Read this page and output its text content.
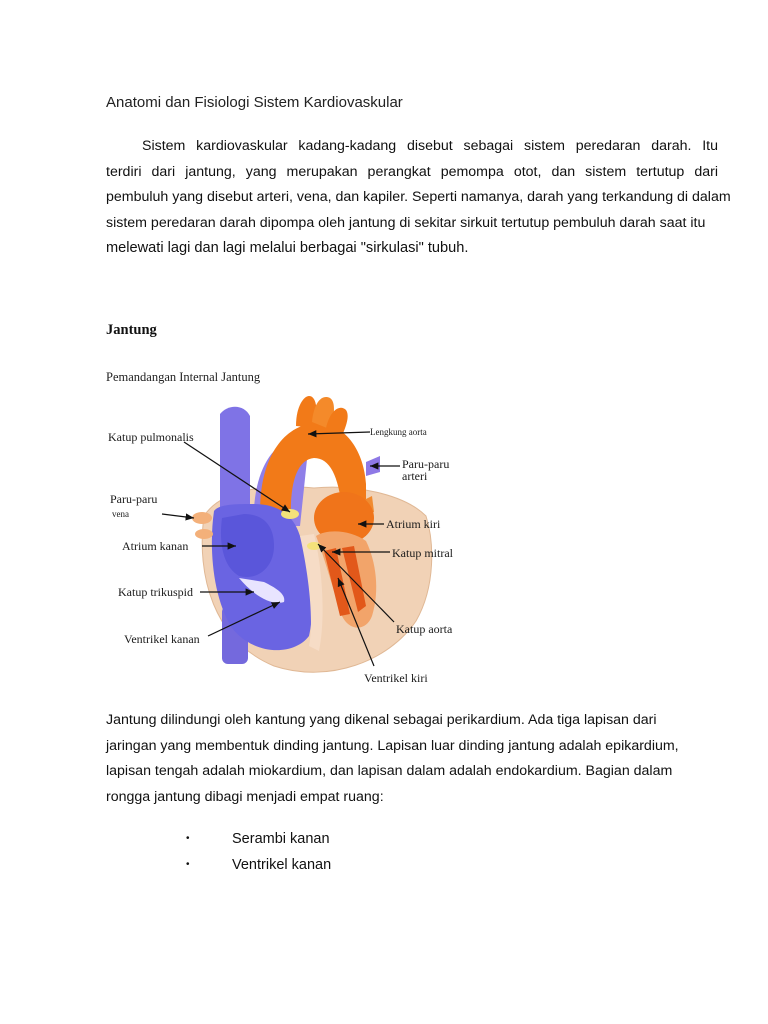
Anatomi dan Fisiologi Sistem Kardiovaskular
Sistem kardiovaskular kadang-kadang disebut sebagai sistem peredaran darah. Itu
terdiri dari jantung, yang merupakan perangkat pemompa otot, dan sistem tertutup dari
pembuluh yang disebut arteri, vena, dan kapiler. Seperti namanya, darah yang terkandung di dalam
sistem peredaran darah dipompa oleh jantung di sekitar sirkuit tertutup pembuluh darah saat itu
melewati lagi dan lagi melalui berbagai "sirkulasi" tubuh.
Jantung
Pemandangan Internal Jantung
Lengkung aorta
Katup pulmonalis
Paru-paru
arteri
Paru-paru
vena
Atrium kiri
Atrium kanan	Katup mitral
Katup trikuspid
Katup aorta
Ventrikel kanan
Ventrikel kiri
Jantung dilindungi oleh kantung yang dikenal sebagai perikardium. Ada tiga lapisan dari
jaringan yang membentuk dinding jantung. Lapisan luar dinding jantung adalah epikardium,
lapisan tengah adalah miokardium, dan lapisan dalam adalah endokardium. Bagian dalam
rongga jantung dibagi menjadi empat ruang:
•	Serambi kanan
•	Ventrikel kanan
